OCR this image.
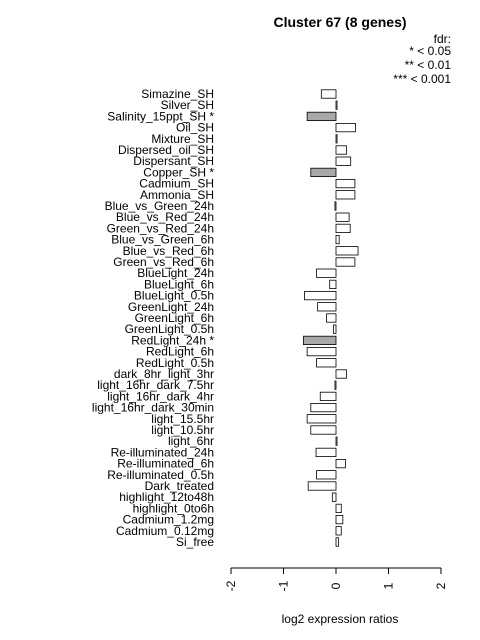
Cluster 67 (8 genes)
fdr:
* < 0.05
** < 0.01
*** < 0.001
Simazine_SH
Silver_SH
Salinity_15ppt_SH *
Oil_SH
Mixture_SH
Dispersed_oil_SH
Dispersant_SH
Copper_SH *
Cadmium_SH
Ammonia_SH
Blue_vs_Green_24h
Blue_vs_Red_24h
Green_vs_Red_24h
Blue_vs_Green_6h
Blue_vs_Red_6h
Green_vs_Red_6h
BlueLight_24h
BlueLight_6h
BlueLight_0.5h
GreenLight_24h
GreenLight_6h
GreenLight_0.5h
RedLight_24h *
RedLight_6h
RedLight_0.5h
dark_8hr_light_3hr
light_16hr_dark_7.5hr
light_16hr_dark_4hr
light_16hr_dark_30min
light_15.5hr
light_10.5hr
light_6hr
Re-illuminated_24h
Re-illuminated_6h
Re-illuminated_0.5h
Dark_treated
highlight_12to48h
highlight_0to6h
Cadmium_1.2mg
Cadmium_0.12mg
Si_free
-2	-1	0	1	2
log2 expression ratios
